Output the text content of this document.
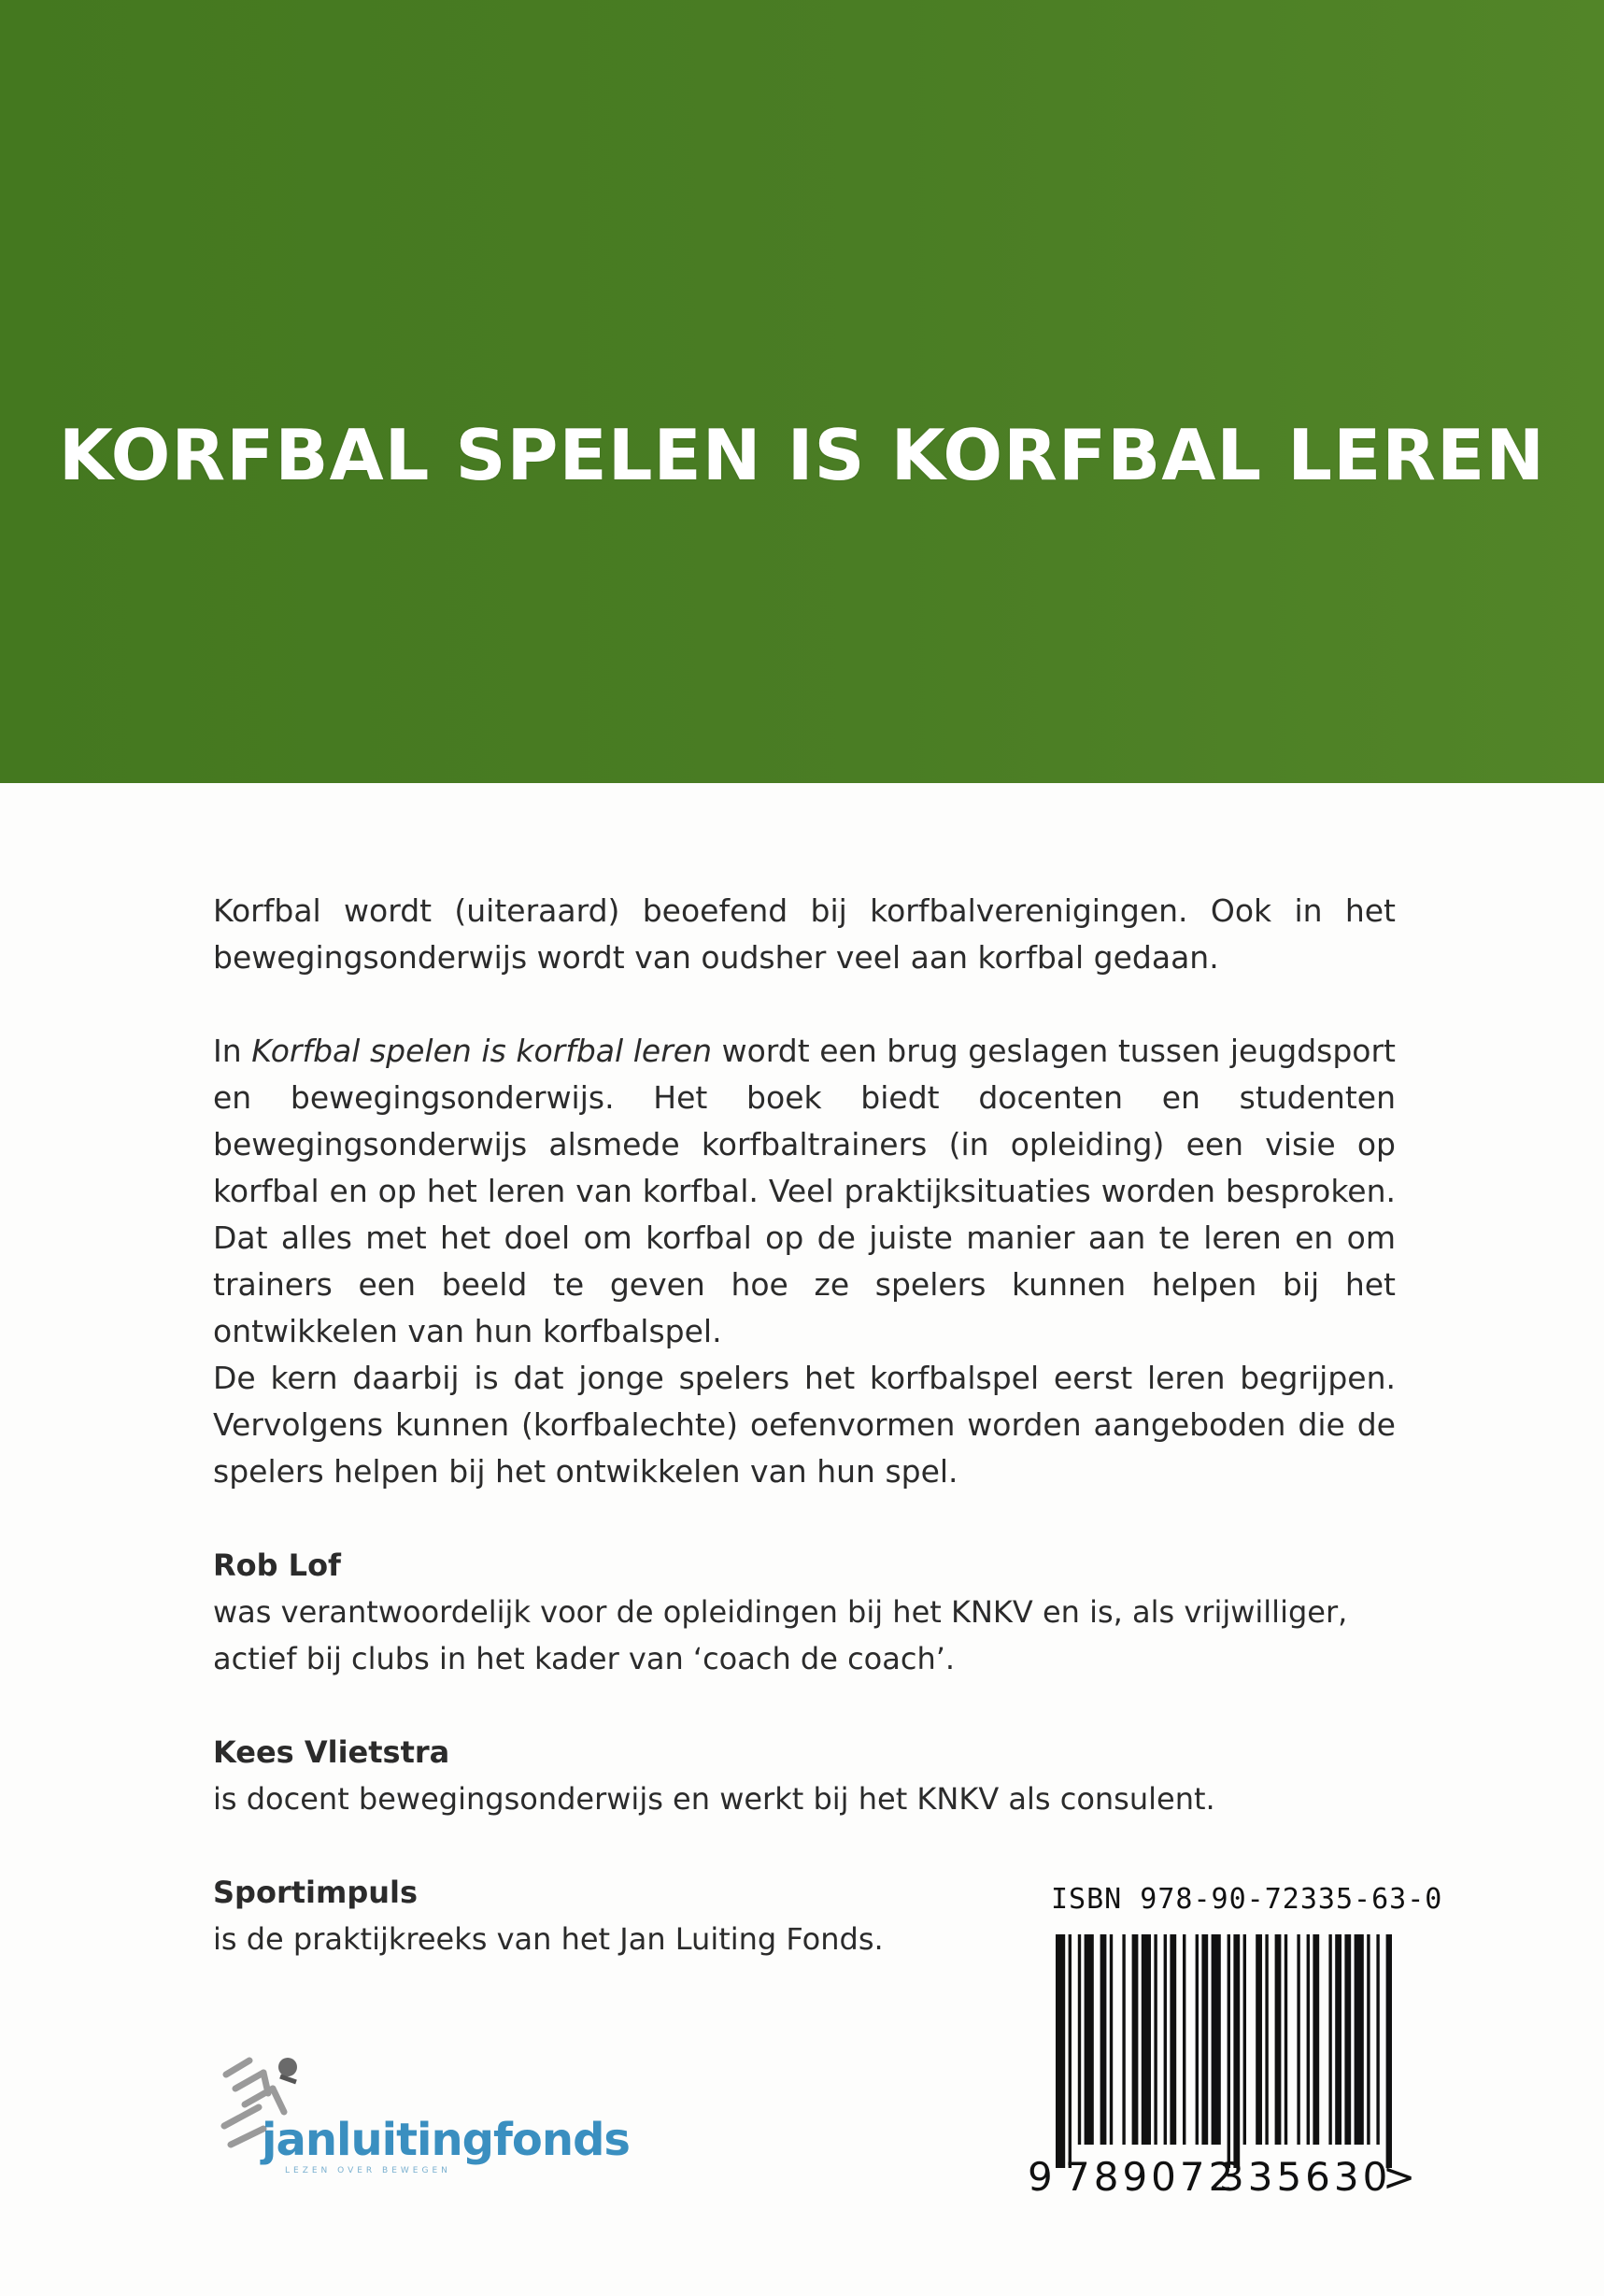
KORFBAL SPELEN IS KORFBAL LEREN

Korfbal wordt (uiteraard) beoefend bij korfbalverenigingen. Ook in het bewegingsonderwijs wordt van oudsher veel aan korfbal gedaan.

In Korfbal spelen is korfbal leren wordt een brug geslagen tussen jeugdsport en bewegingsonderwijs. Het boek biedt docenten en studenten bewegingsonderwijs alsmede korfbaltrainers (in opleiding) een visie op korfbal en op het leren van korfbal. Veel praktijksituaties worden besproken. Dat alles met het doel om korfbal op de juiste manier aan te leren en om trainers een beeld te geven hoe ze spelers kunnen helpen bij het ontwikkelen van hun korfbalspel.

De kern daarbij is dat jonge spelers het korfbalspel eerst leren begrijpen. Vervolgens kunnen (korfbalechte) oefenvormen worden aangeboden die de spelers helpen bij het ontwikkelen van hun spel.

Rob Lof
was verantwoordelijk voor de opleidingen bij het KNKV en is, als vrijwilliger, actief bij clubs in het kader van ‘coach de coach’.
Kees Vlietstra
is docent bewegingsonderwijs en werkt bij het KNKV als consulent.
Sportimpuls
is de praktijkreeks van het Jan Luiting Fonds.
janluitingfonds
LEZEN OVER BEWEGEN
ISBN 978-90-72335-63-0
9 789072
335630
>
